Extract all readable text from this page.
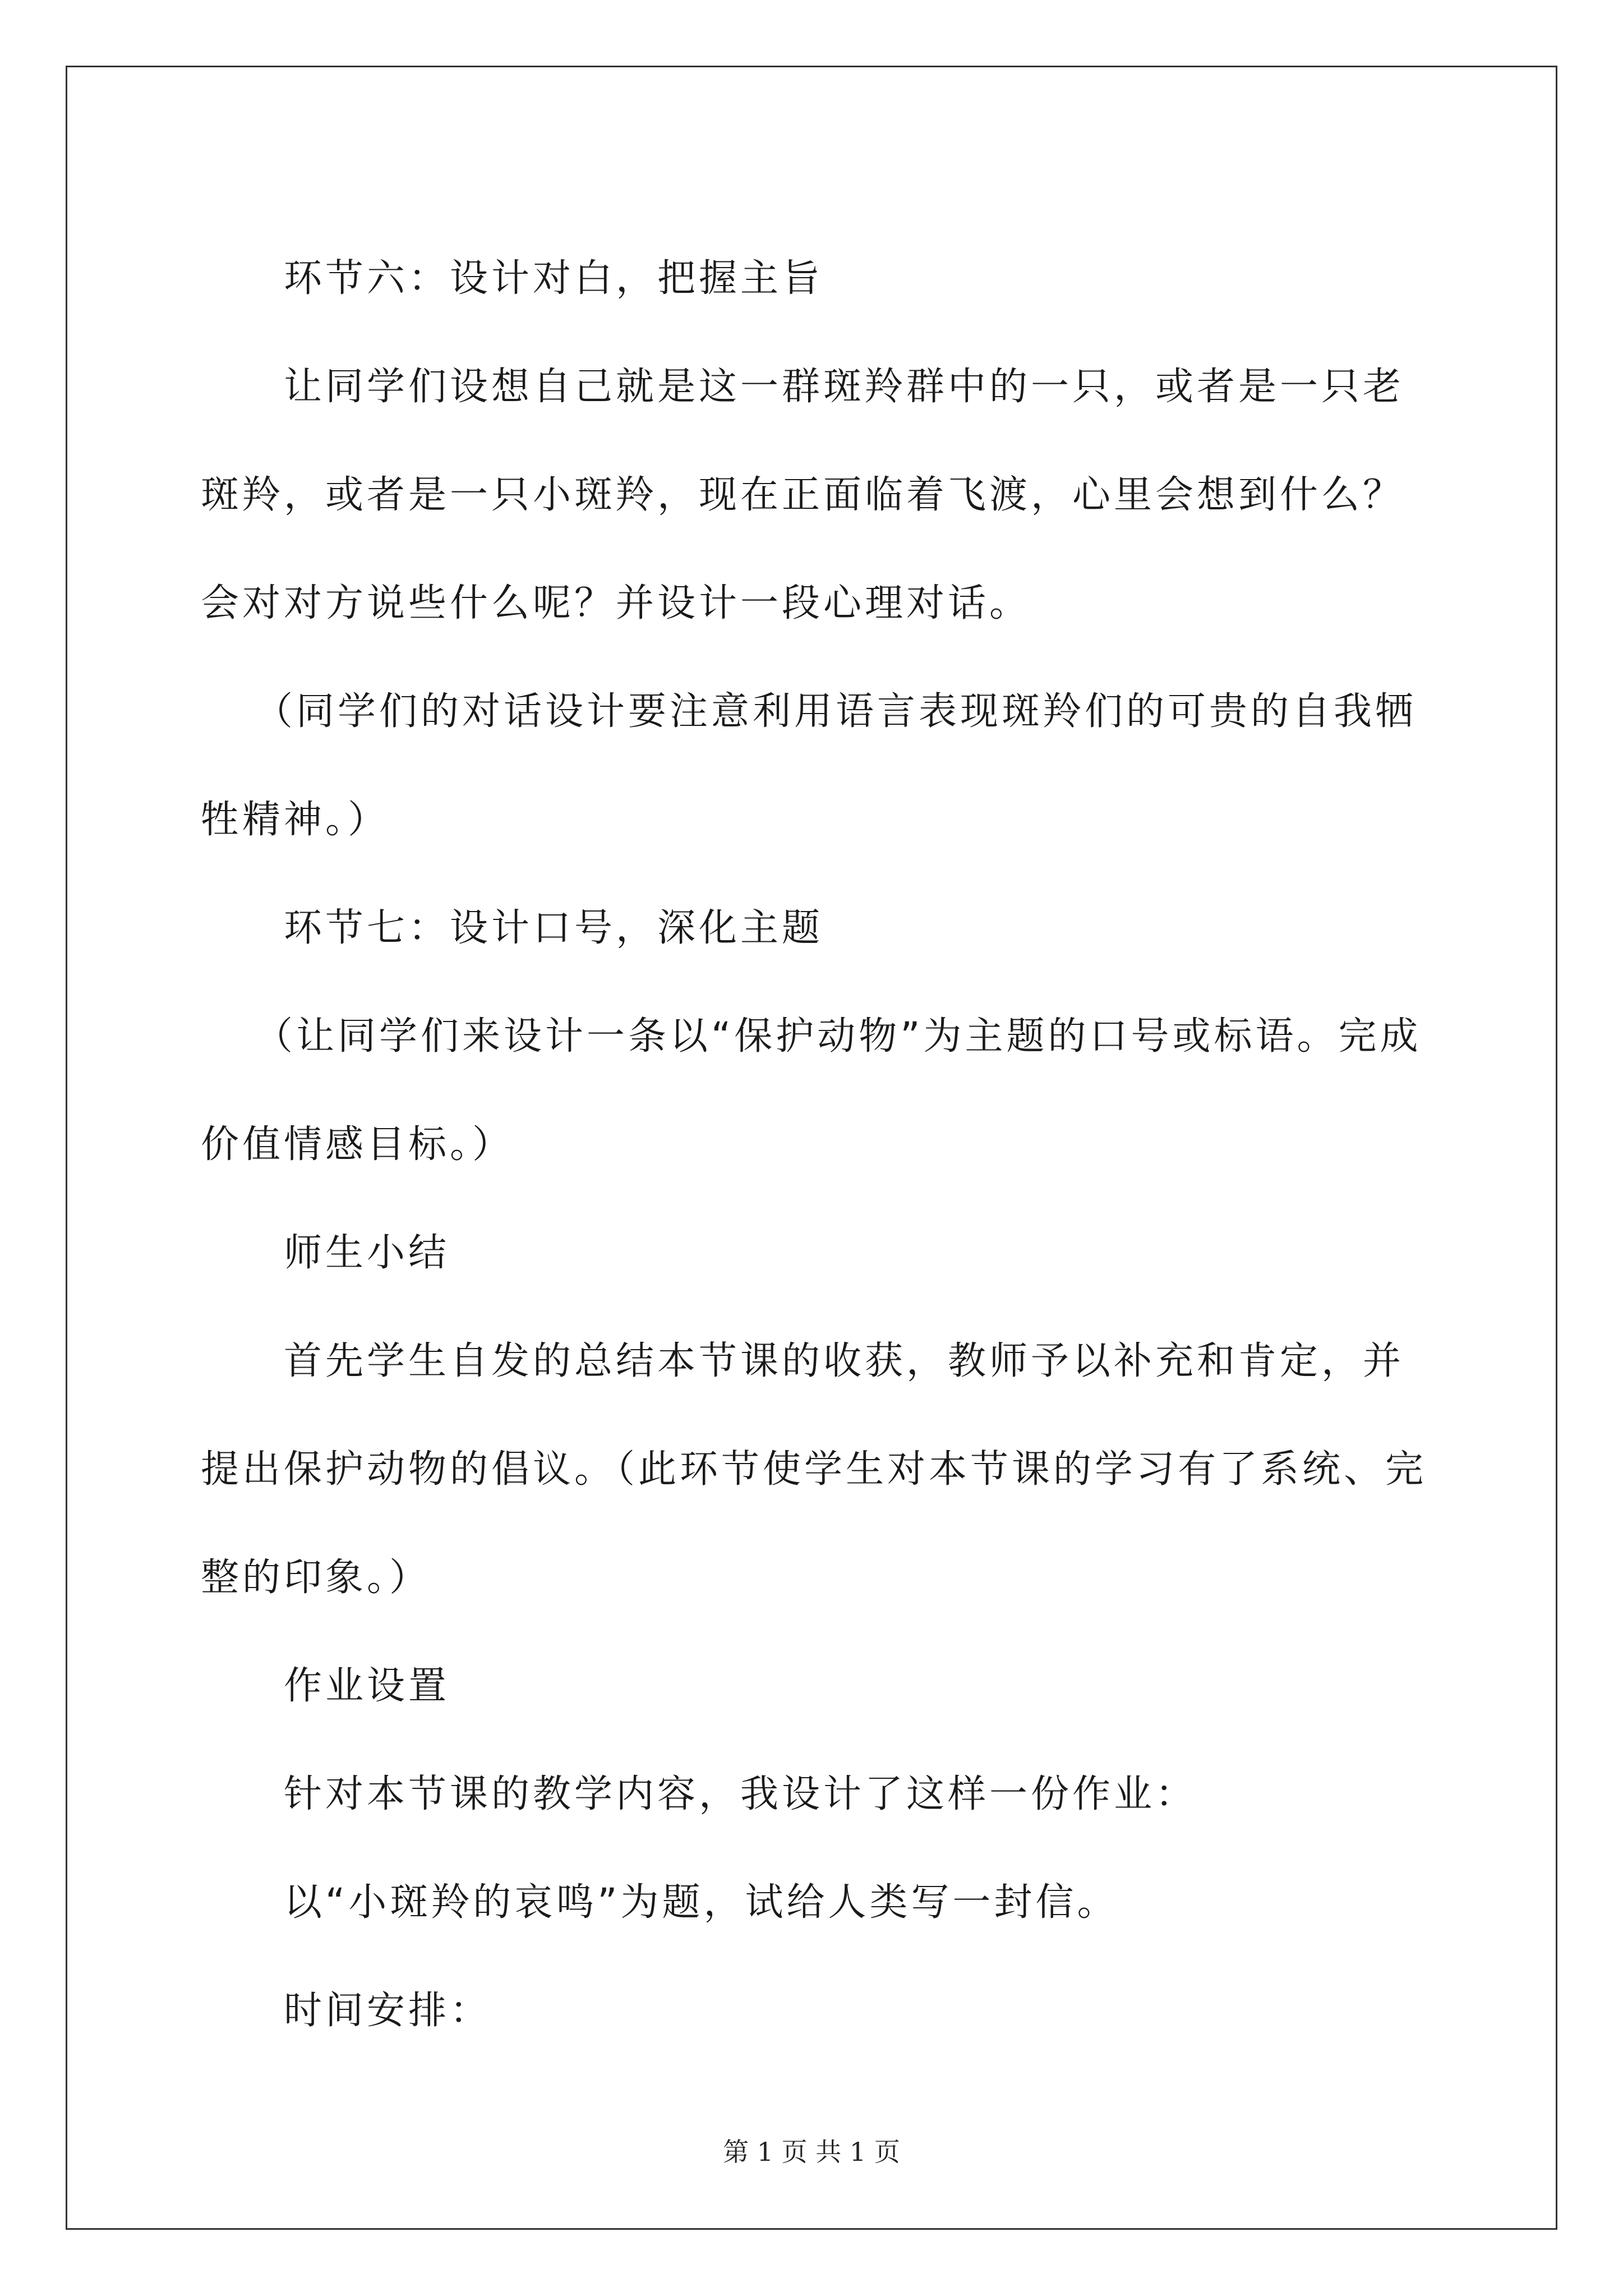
环节六：设计对白，把握主旨

让同学们设想自己就是这一群斑羚群中的一只，或者是一只老斑羚，或者是一只小斑羚，现在正面临着飞渡，心里会想到什么？会对对方说些什么呢？并设计一段心理对话。

（同学们的对话设计要注意利用语言表现斑羚们的可贵的自我牺牲精神。）

环节七：设计口号，深化主题

（让同学们来设计一条以“保护动物”为主题的口号或标语。完成价值情感目标。）

师生小结

首先学生自发的总结本节课的收获，教师予以补充和肯定，并提出保护动物的倡议。（此环节使学生对本节课的学习有了系统、完整的印象。）

作业设置

针对本节课的教学内容，我设计了这样一份作业：

以“小斑羚的哀鸣”为题，试给人类写一封信。

时间安排：

第 1 页 共 1 页
